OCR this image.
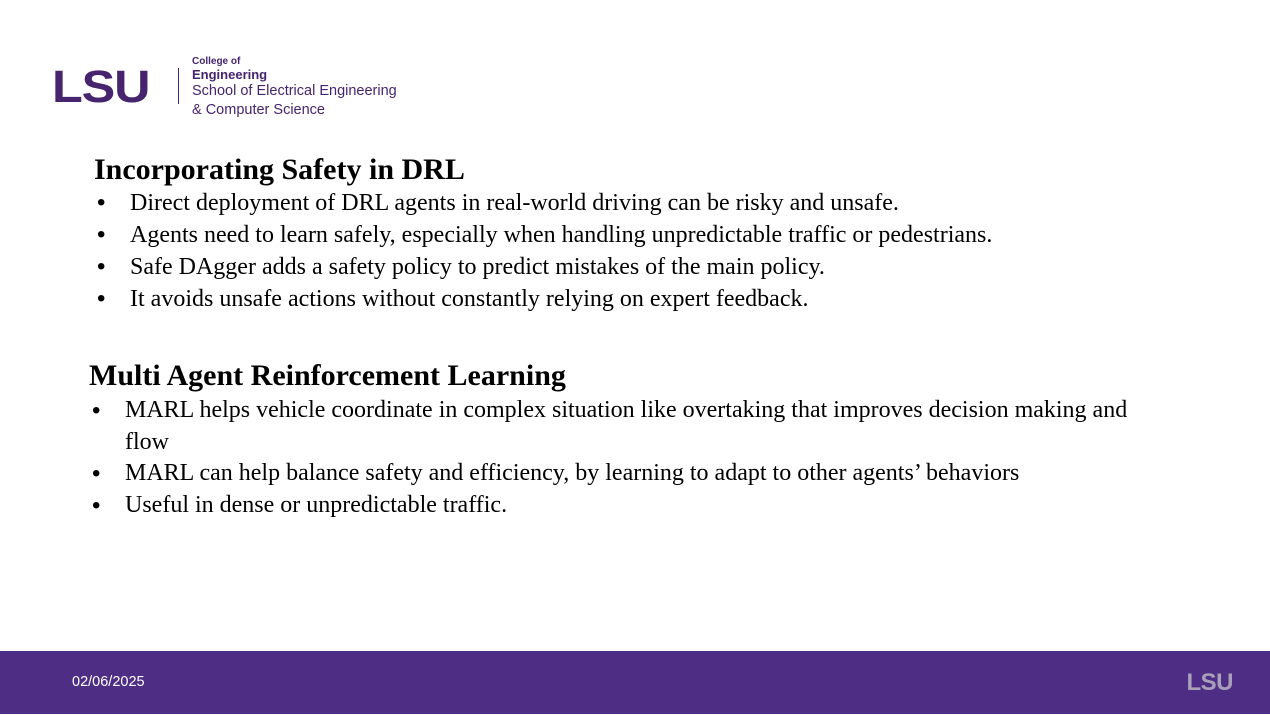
LSU	College of
Engineering
School of Electrical Engineering
& Computer Science
Incorporating Safety in DRL
• Direct deployment of DRL agents in real-world driving can be risky and unsafe.
• Agents need to learn safely, especially when handling unpredictable traffic or pedestrians.
• Safe DAgger adds a safety policy to predict mistakes of the main policy.
• It avoids unsafe actions without constantly relying on expert feedback.
Multi Agent Reinforcement Learning
• MARL helps vehicle coordinate in complex situation like overtaking that improves decision making and flow
• MARL can help balance safety and efficiency, by learning to adapt to other agents’ behaviors
• Useful in dense or unpredictable traffic.
02/06/2025	LSU
